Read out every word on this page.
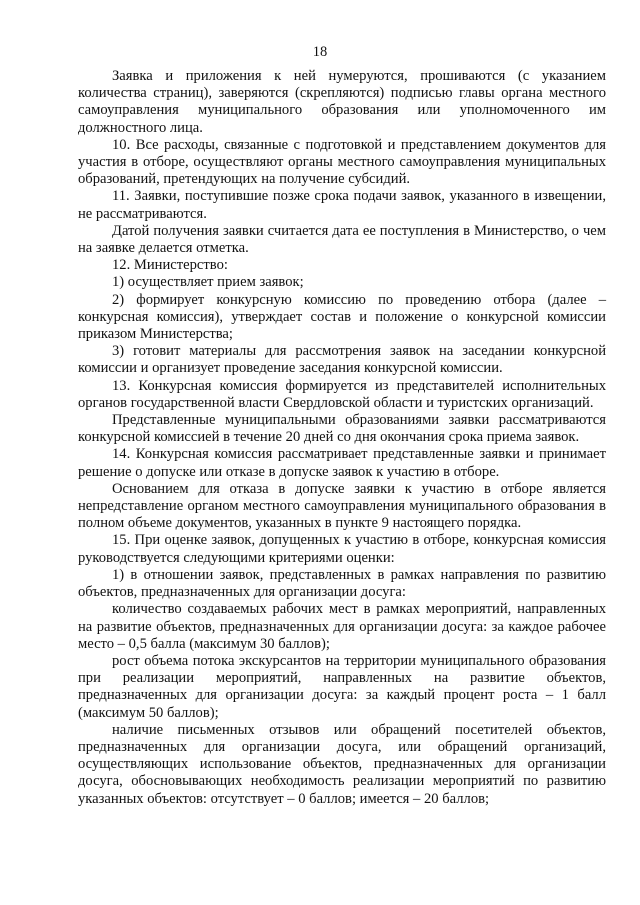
18

Заявка и приложения к ней нумеруются, прошиваются (с указанием количества страниц), заверяются (скрепляются) подписью главы органа местного самоуправления муниципального образования или уполномоченного им должностного лица.

10. Все расходы, связанные с подготовкой и представлением документов для участия в отборе, осуществляют органы местного самоуправления муниципальных образований, претендующих на получение субсидий.

11. Заявки, поступившие позже срока подачи заявок, указанного в извещении, не рассматриваются.

Датой получения заявки считается дата ее поступления в Министерство, о чем на заявке делается отметка.

12. Министерство:

1) осуществляет прием заявок;

2) формирует конкурсную комиссию по проведению отбора (далее – конкурсная комиссия), утверждает состав и положение о конкурсной комиссии приказом Министерства;

3) готовит материалы для рассмотрения заявок на заседании конкурсной комиссии и организует проведение заседания конкурсной комиссии.

13. Конкурсная комиссия формируется из представителей исполнительных органов государственной власти Свердловской области и туристских организаций.

Представленные муниципальными образованиями заявки рассматриваются конкурсной комиссией в течение 20 дней со дня окончания срока приема заявок.

14. Конкурсная комиссия рассматривает представленные заявки и принимает решение о допуске или отказе в допуске заявок к участию в отборе.

Основанием для отказа в допуске заявки к участию в отборе является непредставление органом местного самоуправления муниципального образования в полном объеме документов, указанных в пункте 9 настоящего порядка.

15. При оценке заявок, допущенных к участию в отборе, конкурсная комиссия руководствуется следующими критериями оценки:

1) в отношении заявок, представленных в рамках направления по развитию объектов, предназначенных для организации досуга:

количество создаваемых рабочих мест в рамках мероприятий, направленных на развитие объектов, предназначенных для организации досуга: за каждое рабочее место – 0,5 балла (максимум 30 баллов);

рост объема потока экскурсантов на территории муниципального образования при реализации мероприятий, направленных на развитие объектов, предназначенных для организации досуга: за каждый процент роста – 1 балл (максимум 50 баллов);

наличие письменных отзывов или обращений посетителей объектов, предназначенных для организации досуга, или обращений организаций, осуществляющих использование объектов, предназначенных для организации досуга, обосновывающих необходимость реализации мероприятий по развитию указанных объектов: отсутствует – 0 баллов; имеется – 20 баллов;
